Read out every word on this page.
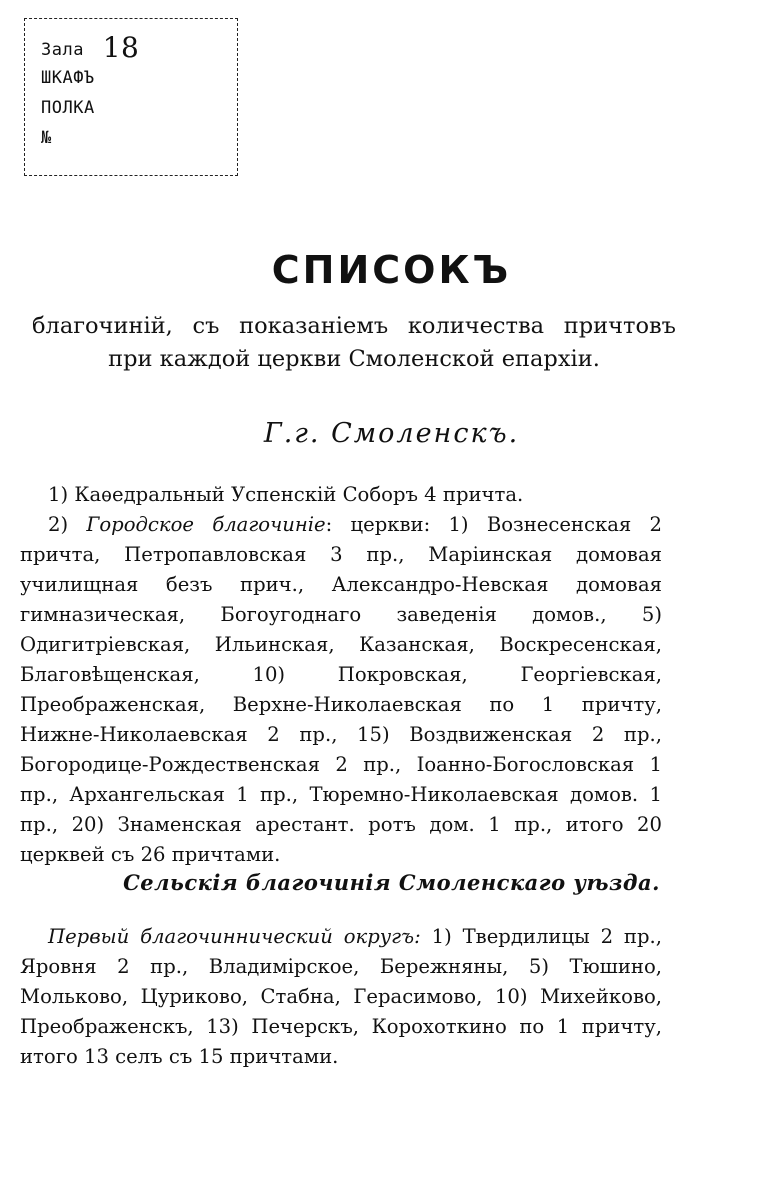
Зала 18
ШКАФЪ
ПОЛКА
№
СПИСОКЪ
благочиній, съ показаніемъ количества причтовъ при каждой церкви Смоленской епархіи.
Г.г. Смоленскъ.

1) Каѳедральный Успенскій Соборъ 4 причта.

2) Городское благочиніе: церкви: 1) Вознесенская 2 причта, Петропавловская 3 пр., Маріинская домовая училищная безъ прич., Александро-Невская домовая гимназическая, Богоугоднаго заведенія домов., 5) Одигитріевская, Ильинская, Казанская, Воскресенская, Благовѣщенская, 10) Покровская, Георгіевская, Преображенская, Верхне-Николаевская по 1 причту, Нижне-Николаевская 2 пр., 15) Воздвиженская 2 пр., Богородице-Рождественская 2 пр., Іоанно-Богословская 1 пр., Архангельская 1 пр., Тюремно-Николаевская домов. 1 пр., 20) Знаменская арестант. ротъ дом. 1 пр., итого 20 церквей съ 26 причтами.

Сельскія благочинія Смоленскаго уѣзда.

Первый благочиннический округъ: 1) Твердилицы 2 пр., Яровня 2 пр., Владимірское, Бережняны, 5) Тюшино, Мольково, Цуриково, Стабна, Герасимово, 10) Михейково, Преображенскъ, 13) Печерскъ, Корохоткино по 1 причту, итого 13 селъ съ 15 причтами.
